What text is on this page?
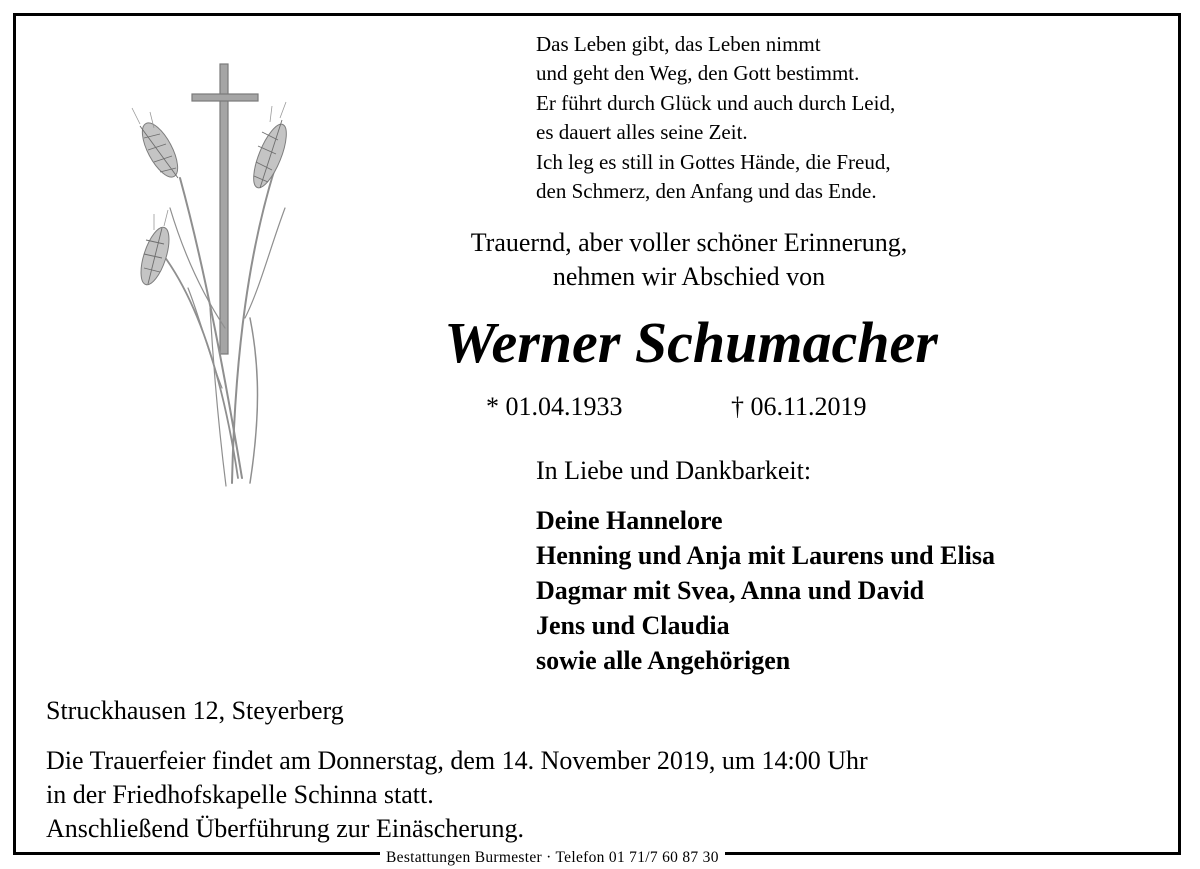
Das Leben gibt, das Leben nimmt
und geht den Weg, den Gott bestimmt.
Er führt durch Glück und auch durch Leid,
es dauert alles seine Zeit.
Ich leg es still in Gottes Hände, die Freud,
den Schmerz, den Anfang und das Ende.
Trauernd, aber voller schöner Erinnerung,
nehmen wir Abschied von
Werner Schumacher
* 01.04.1933	† 06.11.2019
In Liebe und Dankbarkeit:
Deine Hannelore
Henning und Anja mit Laurens und Elisa
Dagmar mit Svea, Anna und David
Jens und Claudia
sowie alle Angehörigen
Struckhausen 12, Steyerberg
Die Trauerfeier findet am Donnerstag, dem 14. November 2019, um 14:00 Uhr
in der Friedhofskapelle Schinna statt.
Anschließend Überführung zur Einäscherung.
Bestattungen Burmester · Telefon 01 71/7 60 87 30
